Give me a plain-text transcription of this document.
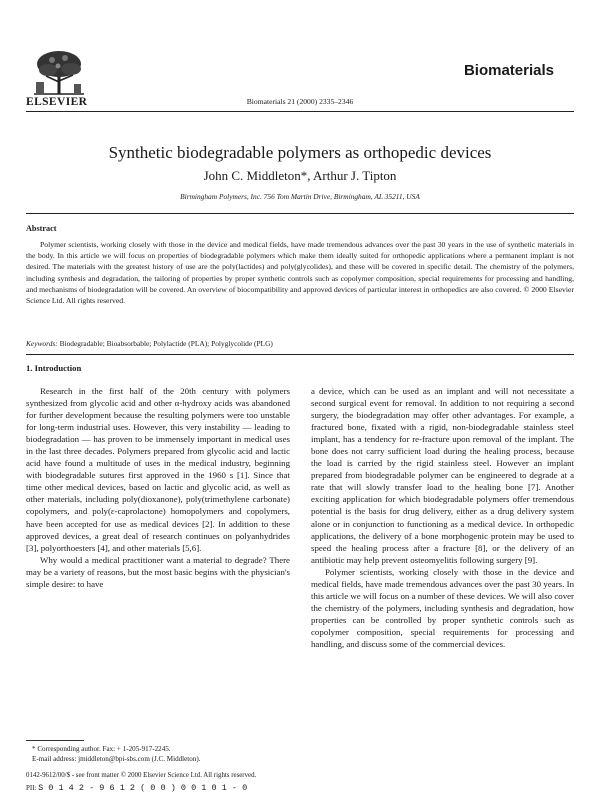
ELSEVIER	Biomaterials 21 (2000) 2335–2346
Biomaterials
Synthetic biodegradable polymers as orthopedic devices
John C. Middleton*, Arthur J. Tipton
Birmingham Polymers, Inc. 756 Tom Martin Drive, Birmingham, AL 35211, USA
Abstract

Polymer scientists, working closely with those in the device and medical fields, have made tremendous advances over the past 30 years in the use of synthetic materials in the body. In this article we will focus on properties of biodegradable polymers which make them ideally suited for orthopedic applications where a permanent implant is not desired. The materials with the greatest history of use are the poly(lactides) and poly(glycolides), and these will be covered in specific detail. The chemistry of the polymers, including synthesis and degradation, the tailoring of properties by proper synthetic controls such as copolymer composition, special requirements for processing and handling, and mechanisms of biodegradation will be covered. An overview of biocompatibility and approved devices of particular interest in orthopedics are also covered. © 2000 Elsevier Science Ltd. All rights reserved.

Keywords: Biodegradable; Bioabsorbable; Polylactide (PLA); Polyglycolide (PLG)
1. Introduction

Research in the first half of the 20th century with polymers synthesized from glycolic acid and other α-hydroxy acids was abandoned for further development because the resulting polymers were too unstable for long-term industrial uses. However, this very instability — leading to biodegradation — has proven to be immensely important in medical uses in the last three decades. Polymers prepared from glycolic acid and lactic acid have found a multitude of uses in the medical industry, beginning with biodegradable sutures first approved in the 1960 s [1]. Since that time other medical devices, based on lactic and glycolic acid, as well as other materials, including poly(dioxanone), poly(trimethylene carbonate) copolymers, and poly(ε-caprolactone) homopolymers and copolymers, have been accepted for use as medical devices [2]. In addition to these approved devices, a great deal of research continues on polyanhydrides [3], polyorthoesters [4], and other materials [5,6].

Why would a medical practitioner want a material to degrade? There may be a variety of reasons, but the most basic begins with the physician's simple desire: to have

a device, which can be used as an implant and will not necessitate a second surgical event for removal. In addition to not requiring a second surgery, the biodegradation may offer other advantages. For example, a fractured bone, fixated with a rigid, non-biodegradable stainless steel implant, has a tendency for re-fracture upon removal of the implant. The bone does not carry sufficient load during the healing process, because the load is carried by the rigid stainless steel. However an implant prepared from biodegradable polymer can be engineered to degrade at a rate that will slowly transfer load to the healing bone [7]. Another exciting application for which biodegradable polymers offer tremendous potential is the basis for drug delivery, either as a drug delivery system alone or in conjunction to functioning as a medical device. In orthopedic applications, the delivery of a bone morphogenic protein may be used to speed the healing process after a fracture [8], or the delivery of an antibiotic may help prevent osteomyelitis following surgery [9].

Polymer scientists, working closely with those in the device and medical fields, have made tremendous advances over the past 30 years. In this article we will focus on a number of these devices. We will also cover the chemistry of the polymers, including synthesis and degradation, how properties can be controlled by proper synthetic controls such as copolymer composition, special requirements for processing and handling, and discuss some of the commercial devices.

* Corresponding author. Fax: + 1-205-917-2245.

E-mail address: jmiddleton@bpi-sbs.com (J.C. Middleton).

0142-9612/00/$ - see front matter © 2000 Elsevier Science Ltd. All rights reserved.
PII: S 0 1 4 2 - 9 6 1 2 ( 0 0 ) 0 0 1 0 1 - 0
